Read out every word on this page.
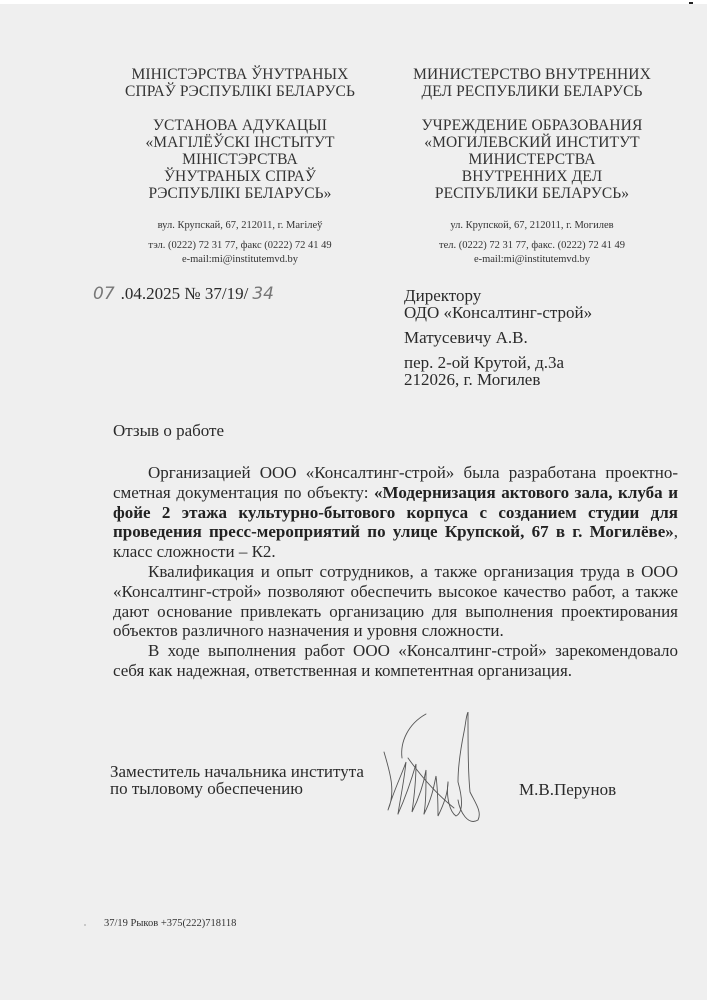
МІНІСТЭРСТВА ЎНУТРАНЫХ
СПРАЎ РЭСПУБЛІКІ БЕЛАРУСЬ
УСТАНОВА АДУКАЦЫІ
«МАГІЛЁЎСКІ ІНСТЫТУТ
МІНІСТЭРСТВА
ЎНУТРАНЫХ СПРАЎ
РЭСПУБЛІКІ БЕЛАРУСЬ»
вул. Крупскай, 67, 212011, г. Магілеў
тэл. (0222) 72 31 77, факс (0222) 72 41 49
e-mail:mi@institutemvd.by
МИНИСТЕРСТВО ВНУТРЕННИХ
ДЕЛ РЕСПУБЛИКИ БЕЛАРУСЬ
УЧРЕЖДЕНИЕ ОБРАЗОВАНИЯ
«МОГИЛЕВСКИЙ ИНСТИТУТ
МИНИСТЕРСТВА
ВНУТРЕННИХ ДЕЛ
РЕСПУБЛИКИ БЕЛАРУСЬ»
ул. Крупской, 67, 212011, г. Могилев
тел. (0222) 72 31 77, факс. (0222) 72 41 49
e-mail:mi@institutemvd.by
07 .04.2025 № 37/19/ 34	Директору
ОДО «Консалтинг-строй»
Матусевичу А.В.
пер. 2-ой Крутой, д.3а
212026, г. Могилев
Отзыв о работе

Организацией ООО «Консалтинг-строй» была разработана проектно-сметная документация по объекту: «Модернизация актового зала, клуба и фойе 2 этажа культурно-бытового корпуса с созданием студии для проведения пресс-мероприятий по улице Крупской, 67 в г. Могилёве», класс сложности – К2.

Квалификация и опыт сотрудников, а также организация труда в ООО «Консалтинг-строй» позволяют обеспечить высокое качество работ, а также дают основание привлекать организацию для выполнения проектирования объектов различного назначения и уровня сложности.

В ходе выполнения работ ООО «Консалтинг-строй» зарекомендовало себя как надежная, ответственная и компетентная организация.

Заместитель начальника института
по тыловому обеспечению	М.В.Перунов
37/19 Рыков +375(222)718118
